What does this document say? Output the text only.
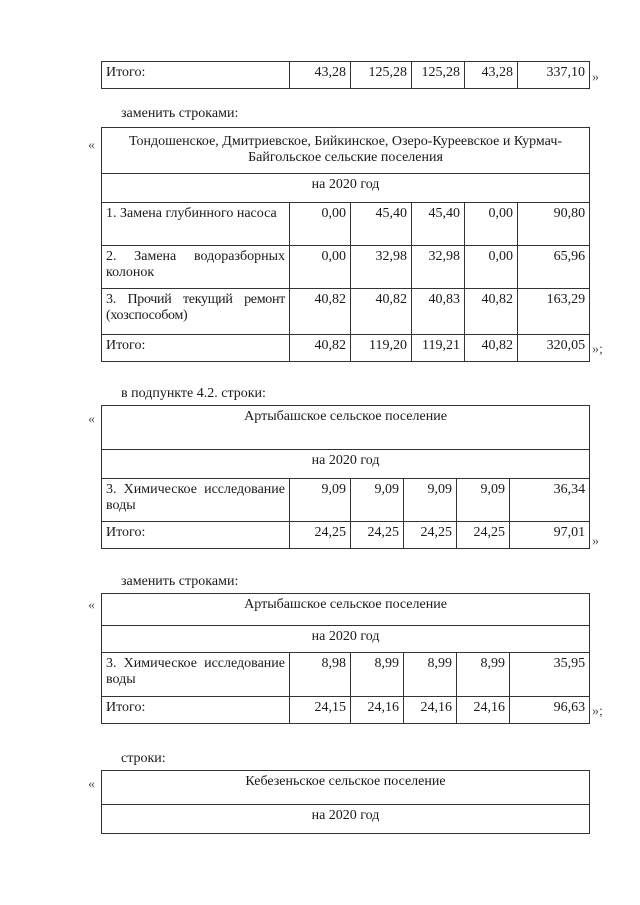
Итого:	43,28	125,28	125,28	43,28	337,10 »
заменить строками:
« Тондошенское, Дмитриевское, Бийкинское, Озеро-Куреевское и Курмач-Байгольское сельские поселения					
на 2020 год					
1. Замена глубинного насоса	0,00	45,40	45,40	0,00	90,80
2. Замена водоразборных колонок	0,00	32,98	32,98	0,00	65,96
3. Прочий текущий ремонт (хозспособом)	40,82	40,82	40,83	40,82	163,29
Итого:	40,82	119,20	119,21	40,82	320,05 »;
в подпункте 4.2. строки:
«	Артыбашское сельское поселение					
на 2020 год					
3. Химическое исследование воды	9,09	9,09	9,09	9,09	36,34
Итого:	24,25	24,25	24,25	24,25	97,01
»
заменить строками:
«	Артыбашское сельское поселение					
на 2020 год					
3. Химическое исследование воды	8,98	8,99	8,99	8,99	35,95
Итого:	24,15	24,16	24,16	24,16	96,63 »;
строки:
«	Кебезеньское сельское поселение
на 2020 год
